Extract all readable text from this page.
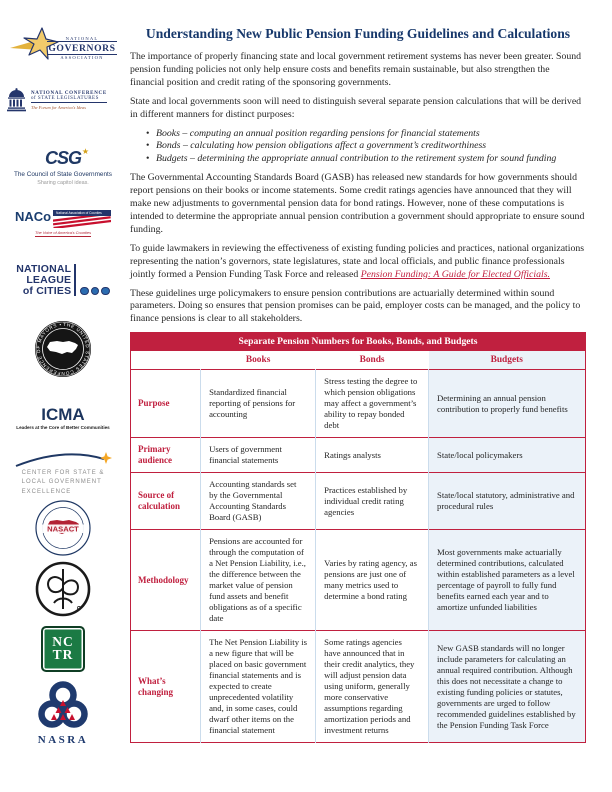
NATIONAL
GOVERNORS
ASSOCIATION
NATIONAL CONFERENCE
of STATE LEGISLATURES
The Forum for America’s Ideas
CSG ★
The Council of State Governments
Sharing capitol ideas.
NACo	National Association of Counties
The Voice of America’s Counties
NATIONAL
LEAGUE
of CITIES
THE UNITED STATES CONFERENCE OF MAYORS •
ICMA
Leaders at the Core of Better Communities
CENTER FOR STATE &
LOCAL GOVERNMENT
EXCELLENCE
NASACT
NC
TR
NASRA
Understanding New Public Pension Funding Guidelines and Calculations

The importance of properly financing state and local government retirement systems has never been greater. Sound pension funding policies not only help ensure costs and benefits remain sustainable, but also strengthen the financial position and credit rating of the sponsoring governments.

State and local governments soon will need to distinguish several separate pension calculations that will be derived in different manners for distinct purposes:

• Books – computing an annual position regarding pensions for financial statements
• Bonds – calculating how pension obligations affect a government’s creditworthiness
• Budgets – determining the appropriate annual contribution to the retirement system for sound funding

The Governmental Accounting Standards Board (GASB) has released new standards for how governments should report pensions on their books or income statements. Some credit ratings agencies have announced that they will make new adjustments to governmental pension data for bond ratings. However, none of these computations is intended to determine the appropriate annual pension contribution a government should appropriate to ensure sound funding.

To guide lawmakers in reviewing the effectiveness of existing funding policies and practices, national organizations representing the nation’s governors, state legislatures, state and local officials, and public finance professionals jointly formed a Pension Funding Task Force and released Pension Funding: A Guide for Elected Officials.

These guidelines urge policymakers to ensure pension contributions are actuarially determined within sound parameters. Doing so ensures that pension promises can be paid, employer costs can be managed, and the policy to finance pensions is clear to all stakeholders.

Separate Pension Numbers for Books, Bonds, and Budgets			
	Books	Bonds	Budgets
Purpose	Standardized financial reporting of pensions for accounting	Stress testing the degree to which pension obligations may affect a government’s ability to repay bonded debt	Determining an annual pension contribution to properly fund benefits
Primary audience	Users of government financial statements	Ratings analysts	State/local policymakers
Source of calculation	Accounting standards set by the Governmental Accounting Standards Board (GASB)	Practices established by individual credit rating agencies	State/local statutory, administrative and procedural rules
Methodology	Pensions are accounted for through the computation of a Net Pension Liability, i.e., the difference between the market value of pension fund assets and benefit obligations as of a specific date	Varies by rating agency, as pensions are just one of many metrics used to determine a bond rating	Most governments make actuarially determined contributions, calculated within established parameters as a level percentage of payroll to fully fund benefits earned each year and to amortize unfunded liabilities
What’s changing	The Net Pension Liability is a new figure that will be placed on basic government financial statements and is expected to create unprecedented volatility and, in some cases, could dwarf other items on the financial statement	Some ratings agencies have announced that in their credit analytics, they will adjust pension data using uniform, generally more conservative assumptions regarding amortization periods and investment returns	New GASB standards will no longer include parameters for calculating an annual required contribution. Although this does not necessitate a change to existing funding policies or statutes, governments are urged to follow recommended guidelines established by the Pension Funding Task Force
